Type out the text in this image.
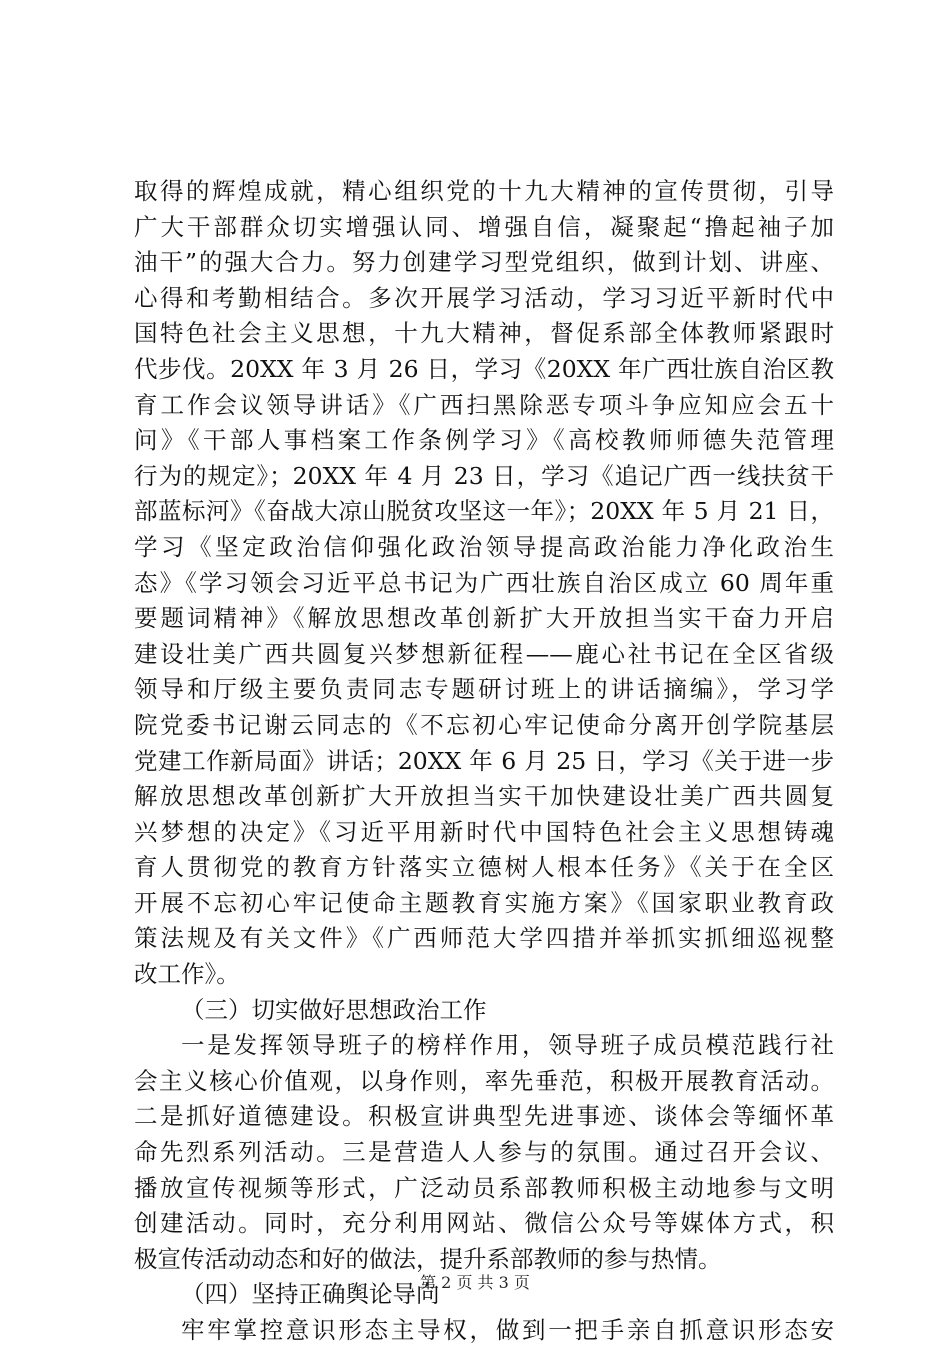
取得的辉煌成就，精心组织党的十九大精神的宣传贯彻，引导
广大干部群众切实增强认同、增强自信，凝聚起“撸起袖子加
油干”的强大合力。努力创建学习型党组织，做到计划、讲座、
心得和考勤相结合。多次开展学习活动，学习习近平新时代中
国特色社会主义思想，十九大精神，督促系部全体教师紧跟时
代步伐。20XX 年 3 月 26 日，学习《20XX 年广西壮族自治区教
育工作会议领导讲话》《广西扫黑除恶专项斗争应知应会五十
问》《干部人事档案工作条例学习》《高校教师师德失范管理
行为的规定》；20XX 年 4 月 23 日，学习《追记广西一线扶贫干
部蓝标河》《奋战大凉山脱贫攻坚这一年》；20XX 年 5 月 21 日，
学习《坚定政治信仰强化政治领导提高政治能力净化政治生
态》《学习领会习近平总书记为广西壮族自治区成立 60 周年重
要题词精神》《解放思想改革创新扩大开放担当实干奋力开启
建设壮美广西共圆复兴梦想新征程——鹿心社书记在全区省级
领导和厅级主要负责同志专题研讨班上的讲话摘编》，学习学
院党委书记谢云同志的《不忘初心牢记使命分离开创学院基层
党建工作新局面》讲话；20XX 年 6 月 25 日，学习《关于进一步
解放思想改革创新扩大开放担当实干加快建设壮美广西共圆复
兴梦想的决定》《习近平用新时代中国特色社会主义思想铸魂
育人贯彻党的教育方针落实立德树人根本任务》《关于在全区
开展不忘初心牢记使命主题教育实施方案》《国家职业教育政
策法规及有关文件》《广西师范大学四措并举抓实抓细巡视整
改工作》。
（三）切实做好思想政治工作
一是发挥领导班子的榜样作用，领导班子成员模范践行社
会主义核心价值观，以身作则，率先垂范，积极开展教育活动。
二是抓好道德建设。积极宣讲典型先进事迹、谈体会等缅怀革
命先烈系列活动。三是营造人人参与的氛围。通过召开会议、
播放宣传视频等形式，广泛动员系部教师积极主动地参与文明
创建活动。同时，充分利用网站、微信公众号等媒体方式，积
极宣传活动动态和好的做法，提升系部教师的参与热情。
（四）坚持正确舆论导向
牢牢掌控意识形态主导权，做到一把手亲自抓意识形态安
第 2 页 共 3 页
